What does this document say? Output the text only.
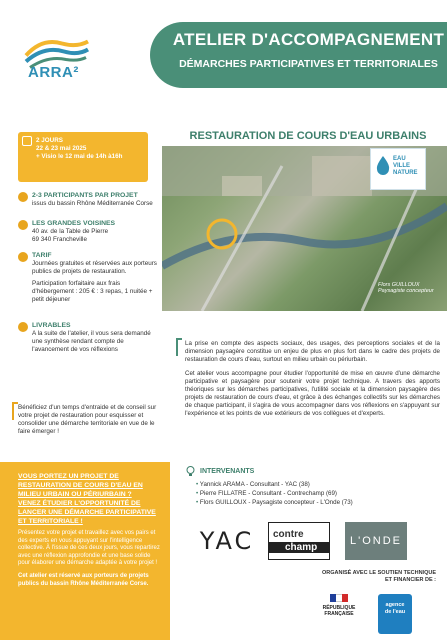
ARRA²
ATELIER D'ACCOMPAGNEMENT
DÉMARCHES PARTICIPATIVES ET TERRITORIALES
2 JOURS
22 & 23 mai 2025
+ Visio le 12 mai de 14h à16h
2-3 PARTICIPANTS PAR PROJET
issus du bassin Rhône Méditerranée Corse
LES GRANDES VOISINES
40 av. de la Table de Pierre
69 340 Francheville
TARIF
Journées gratuites et réservées aux porteurs publics de projets de restauration.
Participation forfaitaire aux frais d'hébergement : 205 € : 3 repas, 1 nuitée + petit déjeuner
LIVRABLES
A la suite de l'atelier, il vous sera demandé une synthèse rendant compte de l'avancement de vos réflexions
RESTAURATION DE COURS D'EAU URBAINS
EAU
VILLE
NATURE
Flors GUILLOUX
Paysagiste concepteur

La prise en compte des aspects sociaux, des usages, des perceptions sociales et de la dimension paysagère constitue un enjeu de plus en plus fort dans le cadre des projets de restauration de cours d'eau, surtout en milieu urbain ou périurbain.

Cet atelier vous accompagne pour étudier l'opportunité de mise en œuvre d'une démarche participative et paysagère pour soutenir votre projet technique. A travers des apports théoriques sur les démarches participatives, l'utilité sociale et la dimension paysagère des projets de restauration de cours d'eau, et grâce à des échanges collectifs sur les démarches de chaque participant, il s'agira de vous accompagner dans vos réflexions en s'appuyant sur l'expérience et les points de vue extérieurs de vos collègues et d'experts.

Bénéficiez d'un temps d'entraide et de conseil sur votre projet de restauration pour esquisser et consolider une démarche territoriale en vue de le faire émerger !
VOUS PORTEZ UN PROJET DE RESTAURATION DE COURS D'EAU EN MILIEU URBAIN OU PÉRIURBAIN ?
VENEZ ÉTUDIER L'OPPORTUNITÉ DE LANCER UNE DÉMARCHE PARTICIPATIVE ET TERRITORIALE !

Présentez votre projet et travaillez avec vos pairs et des experts en vous appuyant sur l'intelligence collective. À l'issue de ces deux jours, vous repartirez avec une réflexion approfondie et une base solide pour élaborer une démarche adaptée à votre projet !

Cet atelier est réservé aux porteurs de projets publics du bassin Rhône Méditerranée Corse.

INTERVENANTS
• Yannick ARAMA - Consultant - YAC (38)
• Pierre FILLATRE - Consultant - Contrechamp (69)
• Flors GUILLOUX - Paysagiste concepteur - L'Onde (73)
YAC	contre
champ
L'ONDE
ORGANISÉ AVEC LE SOUTIEN TECHNIQUE
ET FINANCIER DE :
RÉPUBLIQUE FRANÇAISE
agence
de l'eau
